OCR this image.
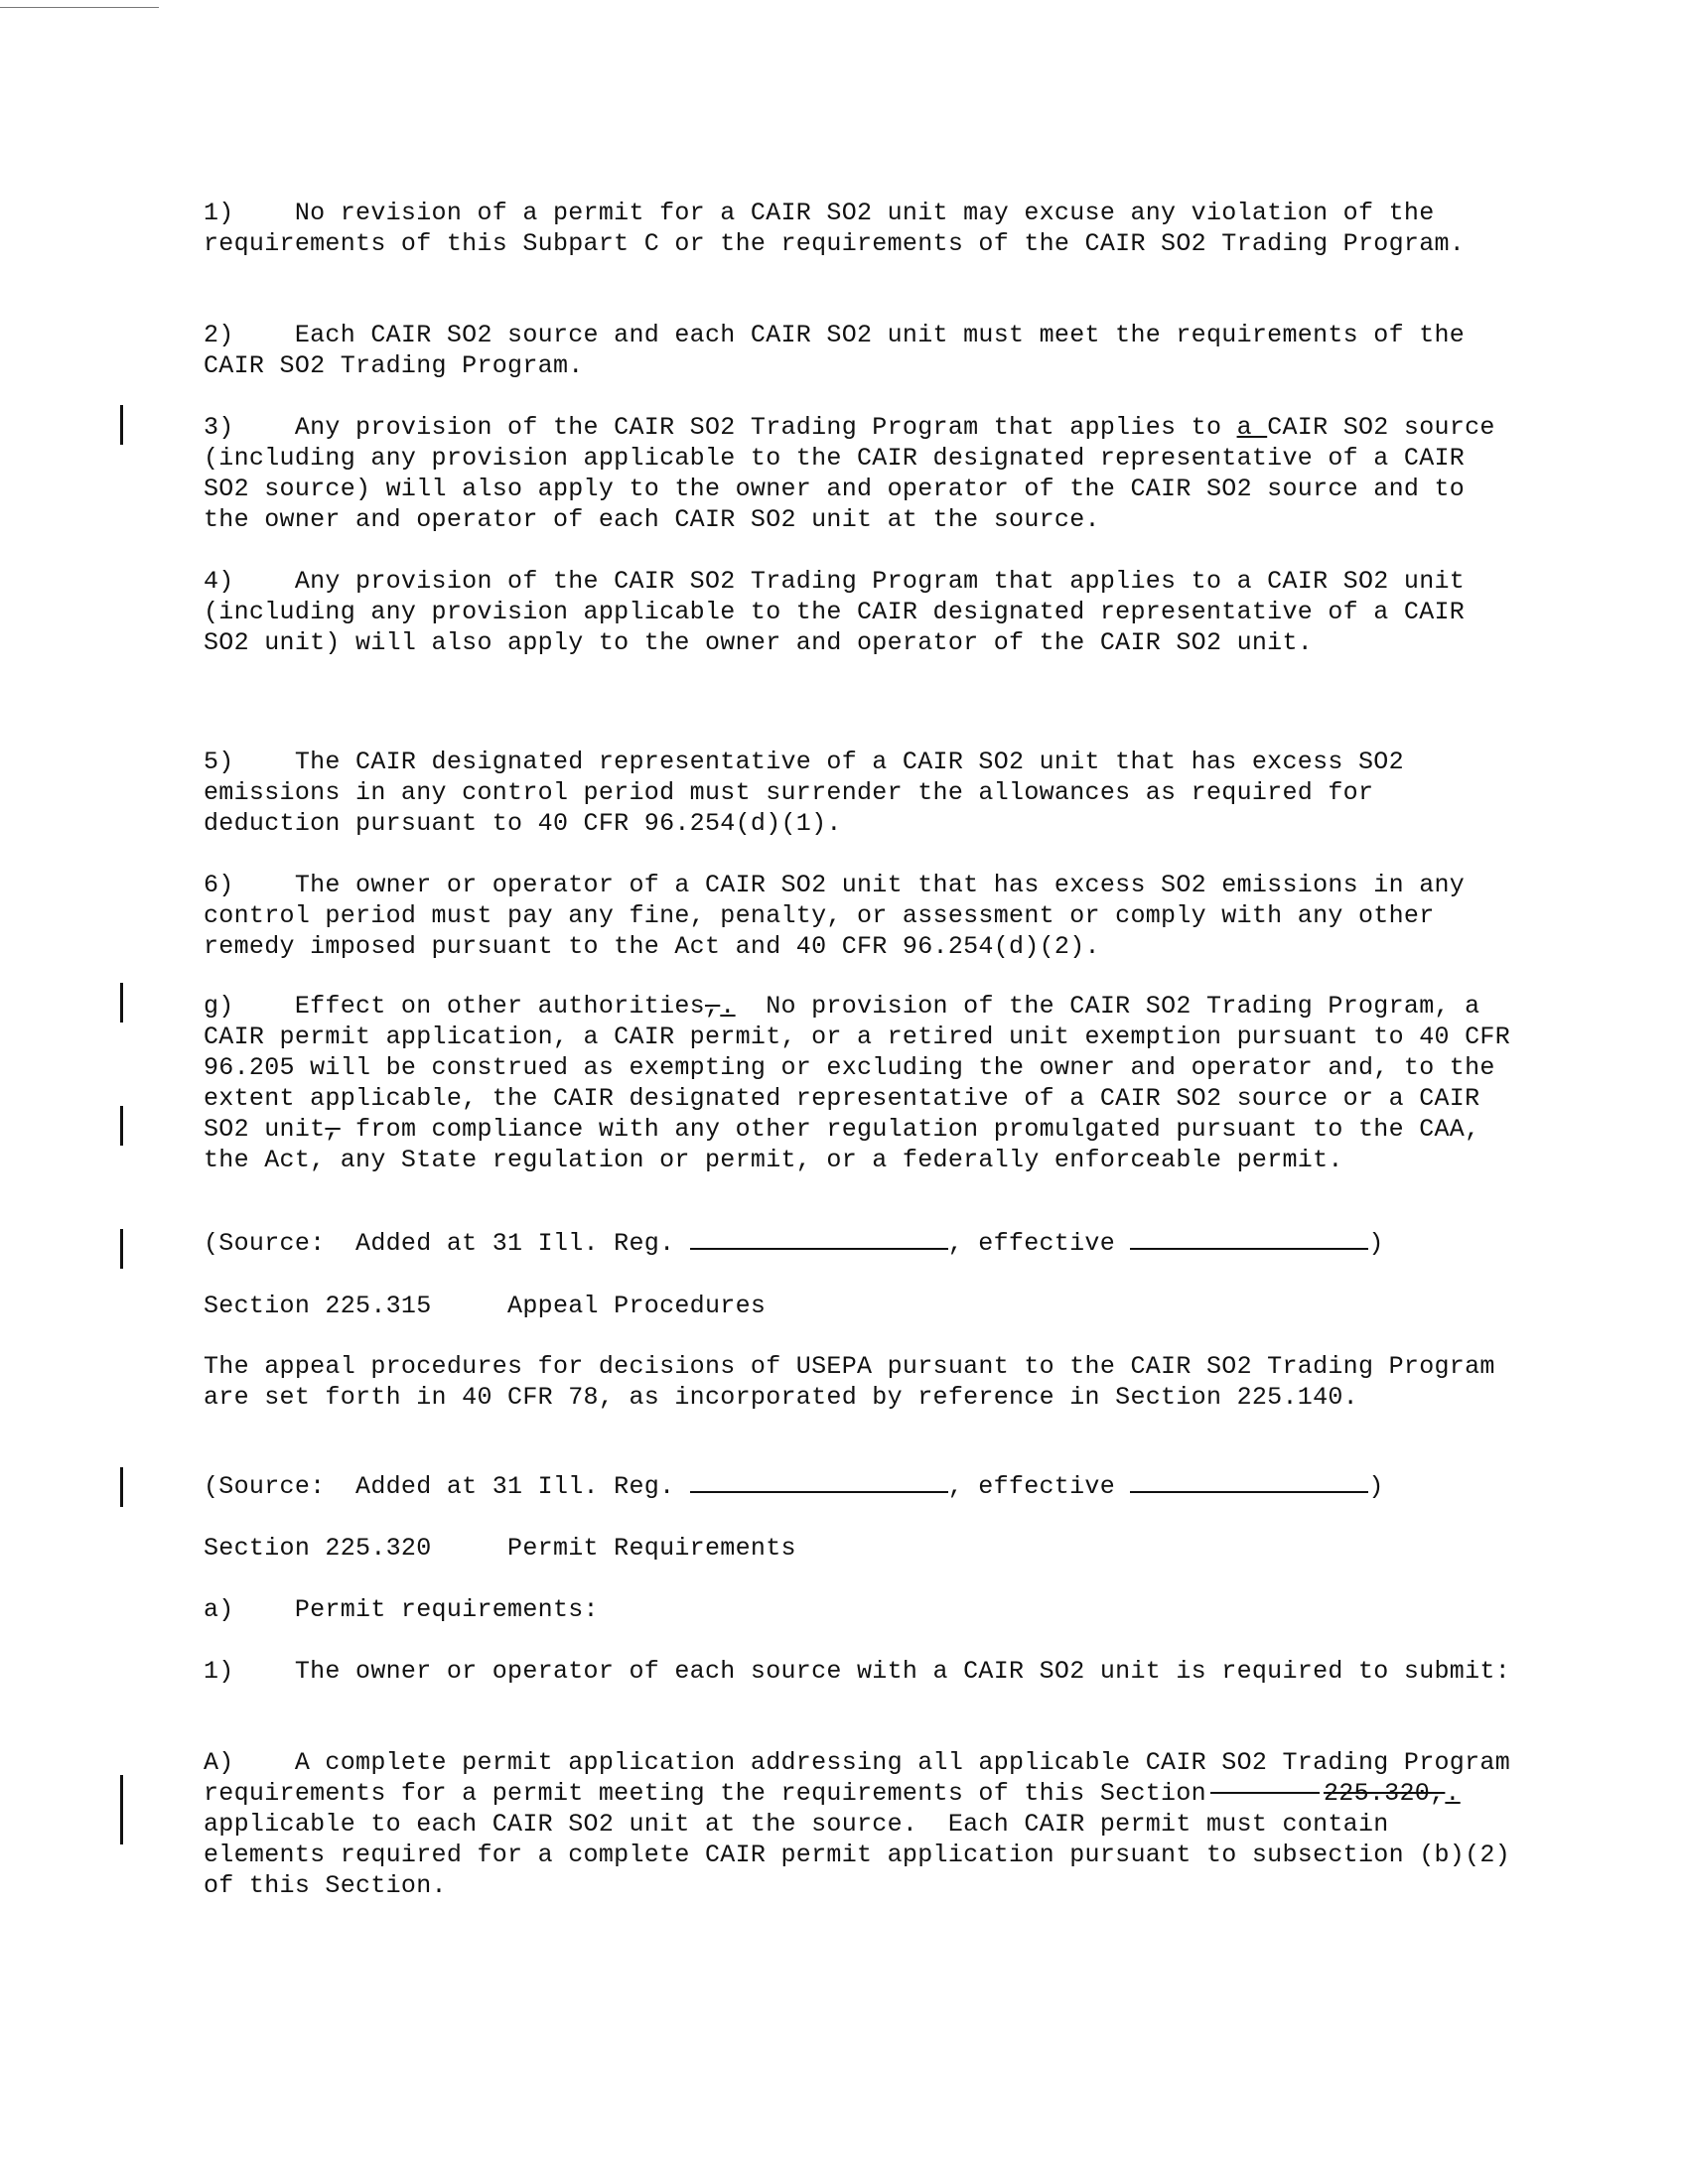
1)    No revision of a permit for a CAIR SO2 unit may excuse any violation of the requirements of this Subpart C or the requirements of the CAIR SO2 Trading Program.

2)    Each CAIR SO2 source and each CAIR SO2 unit must meet the requirements of the CAIR SO2 Trading Program.

3)    Any provision of the CAIR SO2 Trading Program that applies to a CAIR SO2 source (including any provision applicable to the CAIR designated representative of a CAIR SO2 source) will also apply to the owner and operator of the CAIR SO2 source and to the owner and operator of each CAIR SO2 unit at the source.

4)    Any provision of the CAIR SO2 Trading Program that applies to a CAIR SO2 unit (including any provision applicable to the CAIR designated representative of a CAIR SO2 unit) will also apply to the owner and operator of the CAIR SO2 unit.

5)    The CAIR designated representative of a CAIR SO2 unit that has excess SO2 emissions in any control period must surrender the allowances as required for deduction pursuant to 40 CFR 96.254(d)(1).

6)    The owner or operator of a CAIR SO2 unit that has excess SO2 emissions in any control period must pay any fine, penalty, or assessment or comply with any other remedy imposed pursuant to the Act and 40 CFR 96.254(d)(2).

g)    Effect on other authorities,.  No provision of the CAIR SO2 Trading Program, a CAIR permit application, a CAIR permit, or a retired unit exemption pursuant to 40 CFR 96.205 will be construed as exempting or excluding the owner and operator and, to the extent applicable, the CAIR designated representative of a CAIR SO2 source or a CAIR SO2 unit, from compliance with any other regulation promulgated pursuant to the CAA, the Act, any State regulation or permit, or a federally enforceable permit.

(Source:  Added at 31 Ill. Reg.	, effective	)

Section 225.315     Appeal Procedures

The appeal procedures for decisions of USEPA pursuant to the CAIR SO2 Trading Program are set forth in 40 CFR 78, as incorporated by reference in Section 225.140.

(Source:  Added at 31 Ill. Reg.	, effective	)

Section 225.320     Permit Requirements

a)    Permit requirements:

1)    The owner or operator of each source with a CAIR SO2 unit is required to submit:

A)    A complete permit application addressing all applicable CAIR SO2 Trading Program requirements for a permit meeting the requirements of this Section	225.320,. applicable to each CAIR SO2 unit at the source.  Each CAIR permit must contain elements required for a complete CAIR permit application pursuant to subsection (b)(2) of this Section.
